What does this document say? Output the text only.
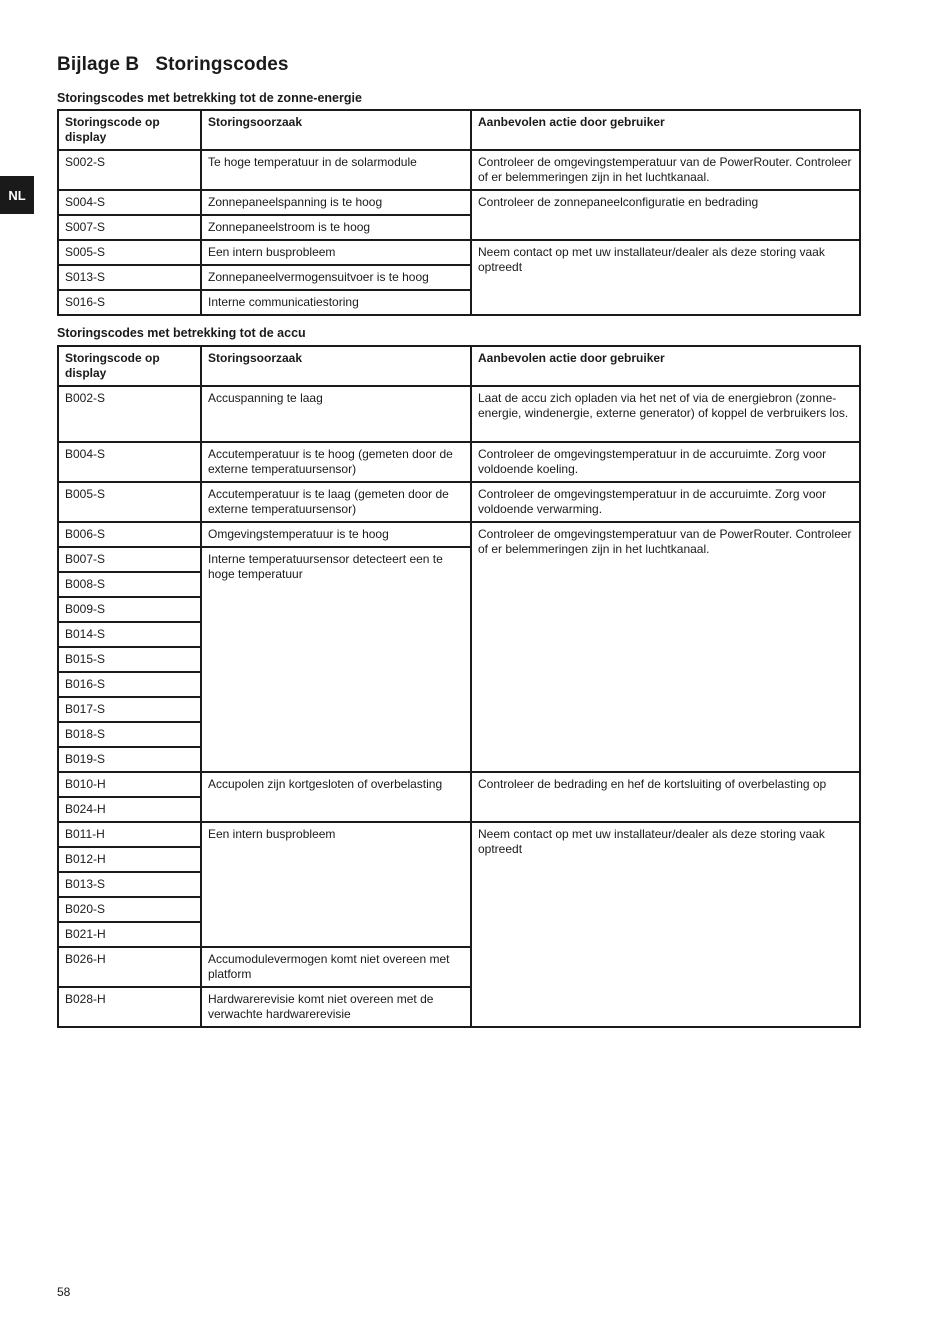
NL
Bijlage B   Storingscodes
Storingscodes met betrekking tot de zonne-energie
Storingscode op display	Storingsoorzaak	Aanbevolen actie door gebruiker
S002-S	Te hoge temperatuur in de solarmodule	Controleer de omgevingstemperatuur van de PowerRouter. Controleer of er belemmeringen zijn in het luchtkanaal.
S004-S	Zonnepaneelspanning is te hoog	Controleer de zonnepaneelconfiguratie en bedrading
S007-S	Zonnepaneelstroom is te hoog	
S005-S	Een intern busprobleem	Neem contact op met uw installateur/dealer als deze storing vaak optreedt
S013-S	Zonnepaneelvermogensuitvoer is te hoog	
S016-S	Interne communicatiestoring	
Storingscodes met betrekking tot de accu
Storingscode op display	Storingsoorzaak	Aanbevolen actie door gebruiker
B002-S	Accuspanning te laag	Laat de accu zich opladen via het net of via de energiebron (zonne-energie, windenergie, externe generator) of koppel de verbruikers los.
B004-S	Accutemperatuur is te hoog (gemeten door de externe temperatuursensor)	Controleer de omgevingstemperatuur in de accuruimte. Zorg voor voldoende koeling.
B005-S	Accutemperatuur is te laag (gemeten door de externe temperatuursensor)	Controleer de omgevingstemperatuur in de accuruimte. Zorg voor voldoende verwarming.
B006-S	Omgevingstemperatuur is te hoog	Controleer de omgevingstemperatuur van de PowerRouter. Controleer of er belemmeringen zijn in het luchtkanaal.
B007-S	Interne temperatuursensor detecteert een te hoge temperatuur	
B008-S		
B009-S		
B014-S		
B015-S		
B016-S		
B017-S		
B018-S		
B019-S		
B010-H	Accupolen zijn kortgesloten of overbelasting	Controleer de bedrading en hef de kortsluiting of overbelasting op
B024-H		
B011-H	Een intern busprobleem	Neem contact op met uw installateur/dealer als deze storing vaak optreedt
B012-H		
B013-S		
B020-S		
B021-H		
B026-H	Accumodulevermogen komt niet overeen met platform	
B028-H	Hardwarerevisie komt niet overeen met de verwachte hardwarerevisie	
58
